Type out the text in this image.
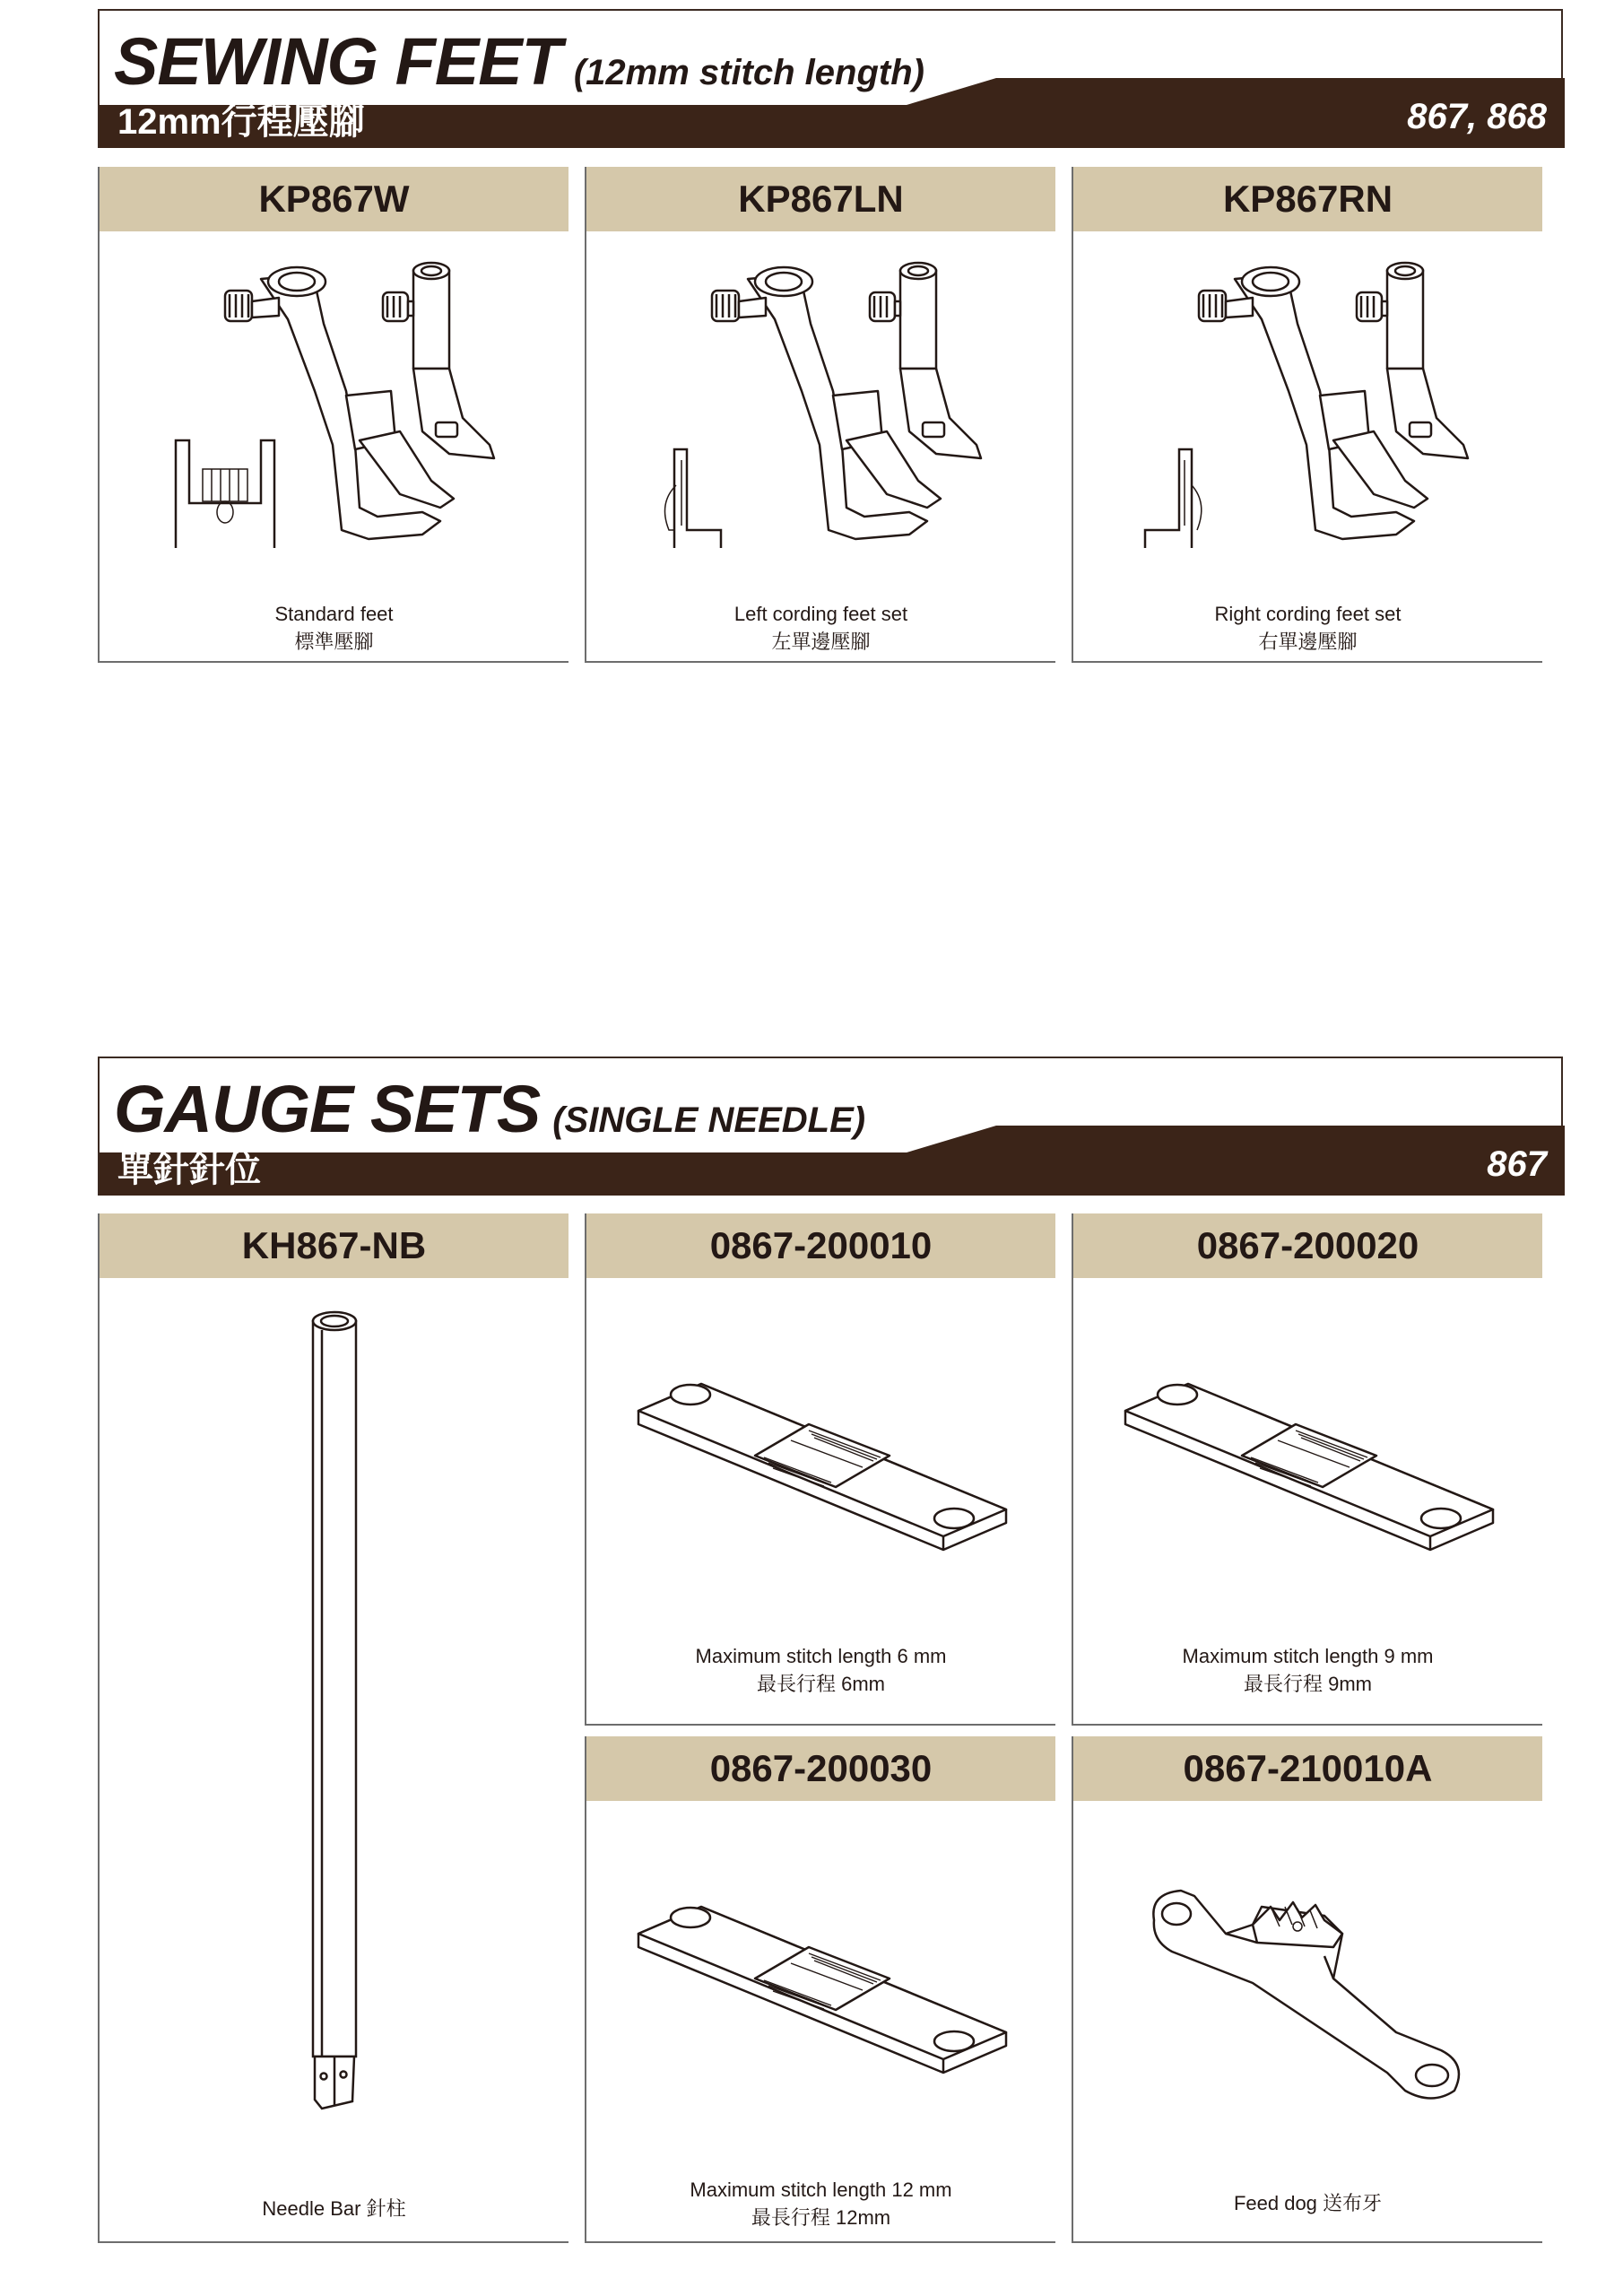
SEWING FEET (12mm stitch length)
12mm行程壓腳	867, 868
KP867W
Standard feet
標準壓腳
KP867LN
Left cording feet set
左單邊壓腳
KP867RN
Right cording feet set
右單邊壓腳
GAUGE SETS (SINGLE NEEDLE)
單針針位	867
KH867-NB
Needle Bar 針柱
0867-200010
Maximum stitch length 6 mm
最長行程 6mm
0867-200020
Maximum stitch length 9 mm
最長行程 9mm
0867-200030
Maximum stitch length 12 mm
最長行程 12mm
0867-210010A
Feed dog 送布牙
